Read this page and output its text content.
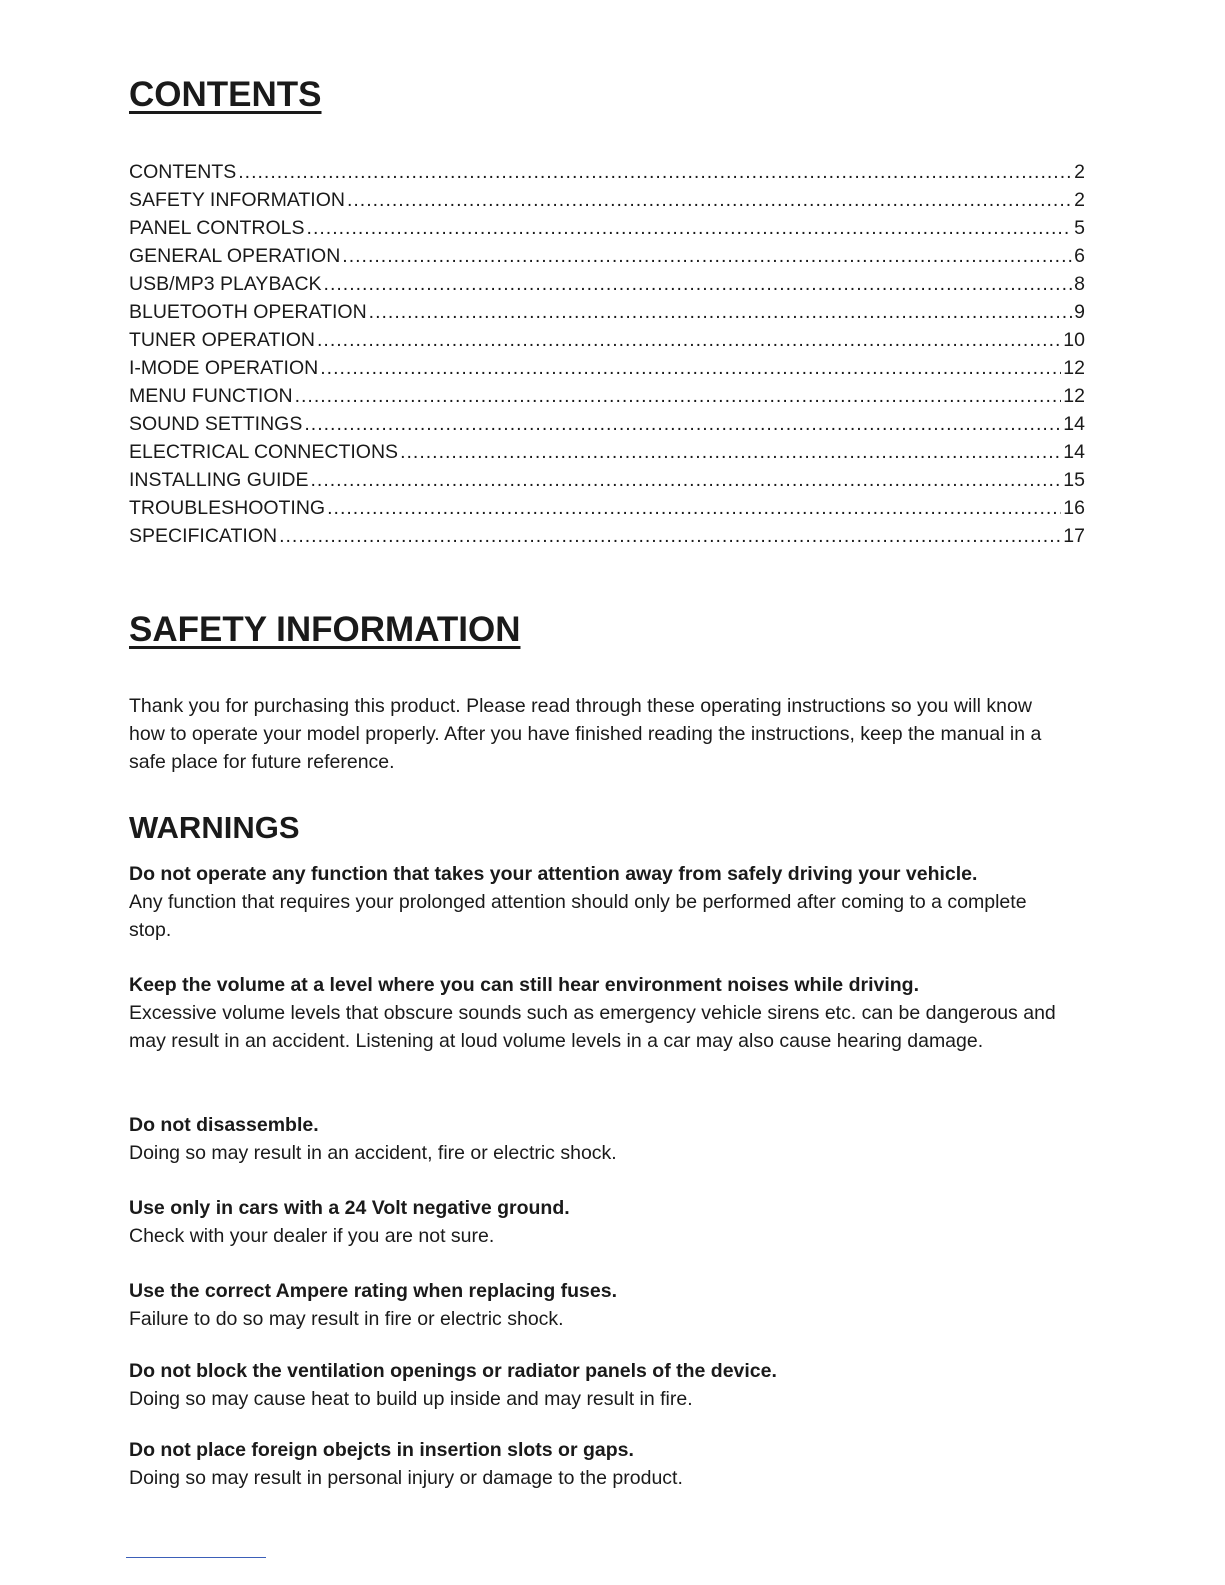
CONTENTS
CONTENTS .....	2
SAFETY INFORMATION .....	2
PANEL CONTROLS .....	5
GENERAL OPERATION .....	6
USB/MP3 PLAYBACK .....	8
BLUETOOTH OPERATION .....	9
TUNER OPERATION .....	10
I-MODE OPERATION .....	12
MENU FUNCTION .....	12
SOUND SETTINGS .....	14
ELECTRICAL CONNECTIONS .....	14
INSTALLING GUIDE .....	15
TROUBLESHOOTING .....	16
SPECIFICATION .....	17
SAFETY INFORMATION

Thank you for purchasing this product. Please read through these operating instructions so you will know how to operate your model properly. After you have finished reading the instructions, keep the manual in a safe place for future reference.

WARNINGS

Do not operate any function that takes your attention away from safely driving your vehicle.

Any function that requires your prolonged attention should only be performed after coming to a complete stop.

Keep the volume at a level where you can still hear environment noises while driving.

Excessive volume levels that obscure sounds such as emergency vehicle sirens etc. can be dangerous and may result in an accident. Listening at loud volume levels in a car may also cause hearing damage.

Do not disassemble.

Doing so may result in an accident, fire or electric shock.

Use only in cars with a 24 Volt negative ground.

Check with your dealer if you are not sure.

Use the correct Ampere rating when replacing fuses.

Failure to do so may result in fire or electric shock.

Do not block the ventilation openings or radiator panels of the device.

Doing so may cause heat to build up inside and may result in fire.

Do not place foreign obejcts in insertion slots or gaps.

Doing so may result in personal injury or damage to the product.
